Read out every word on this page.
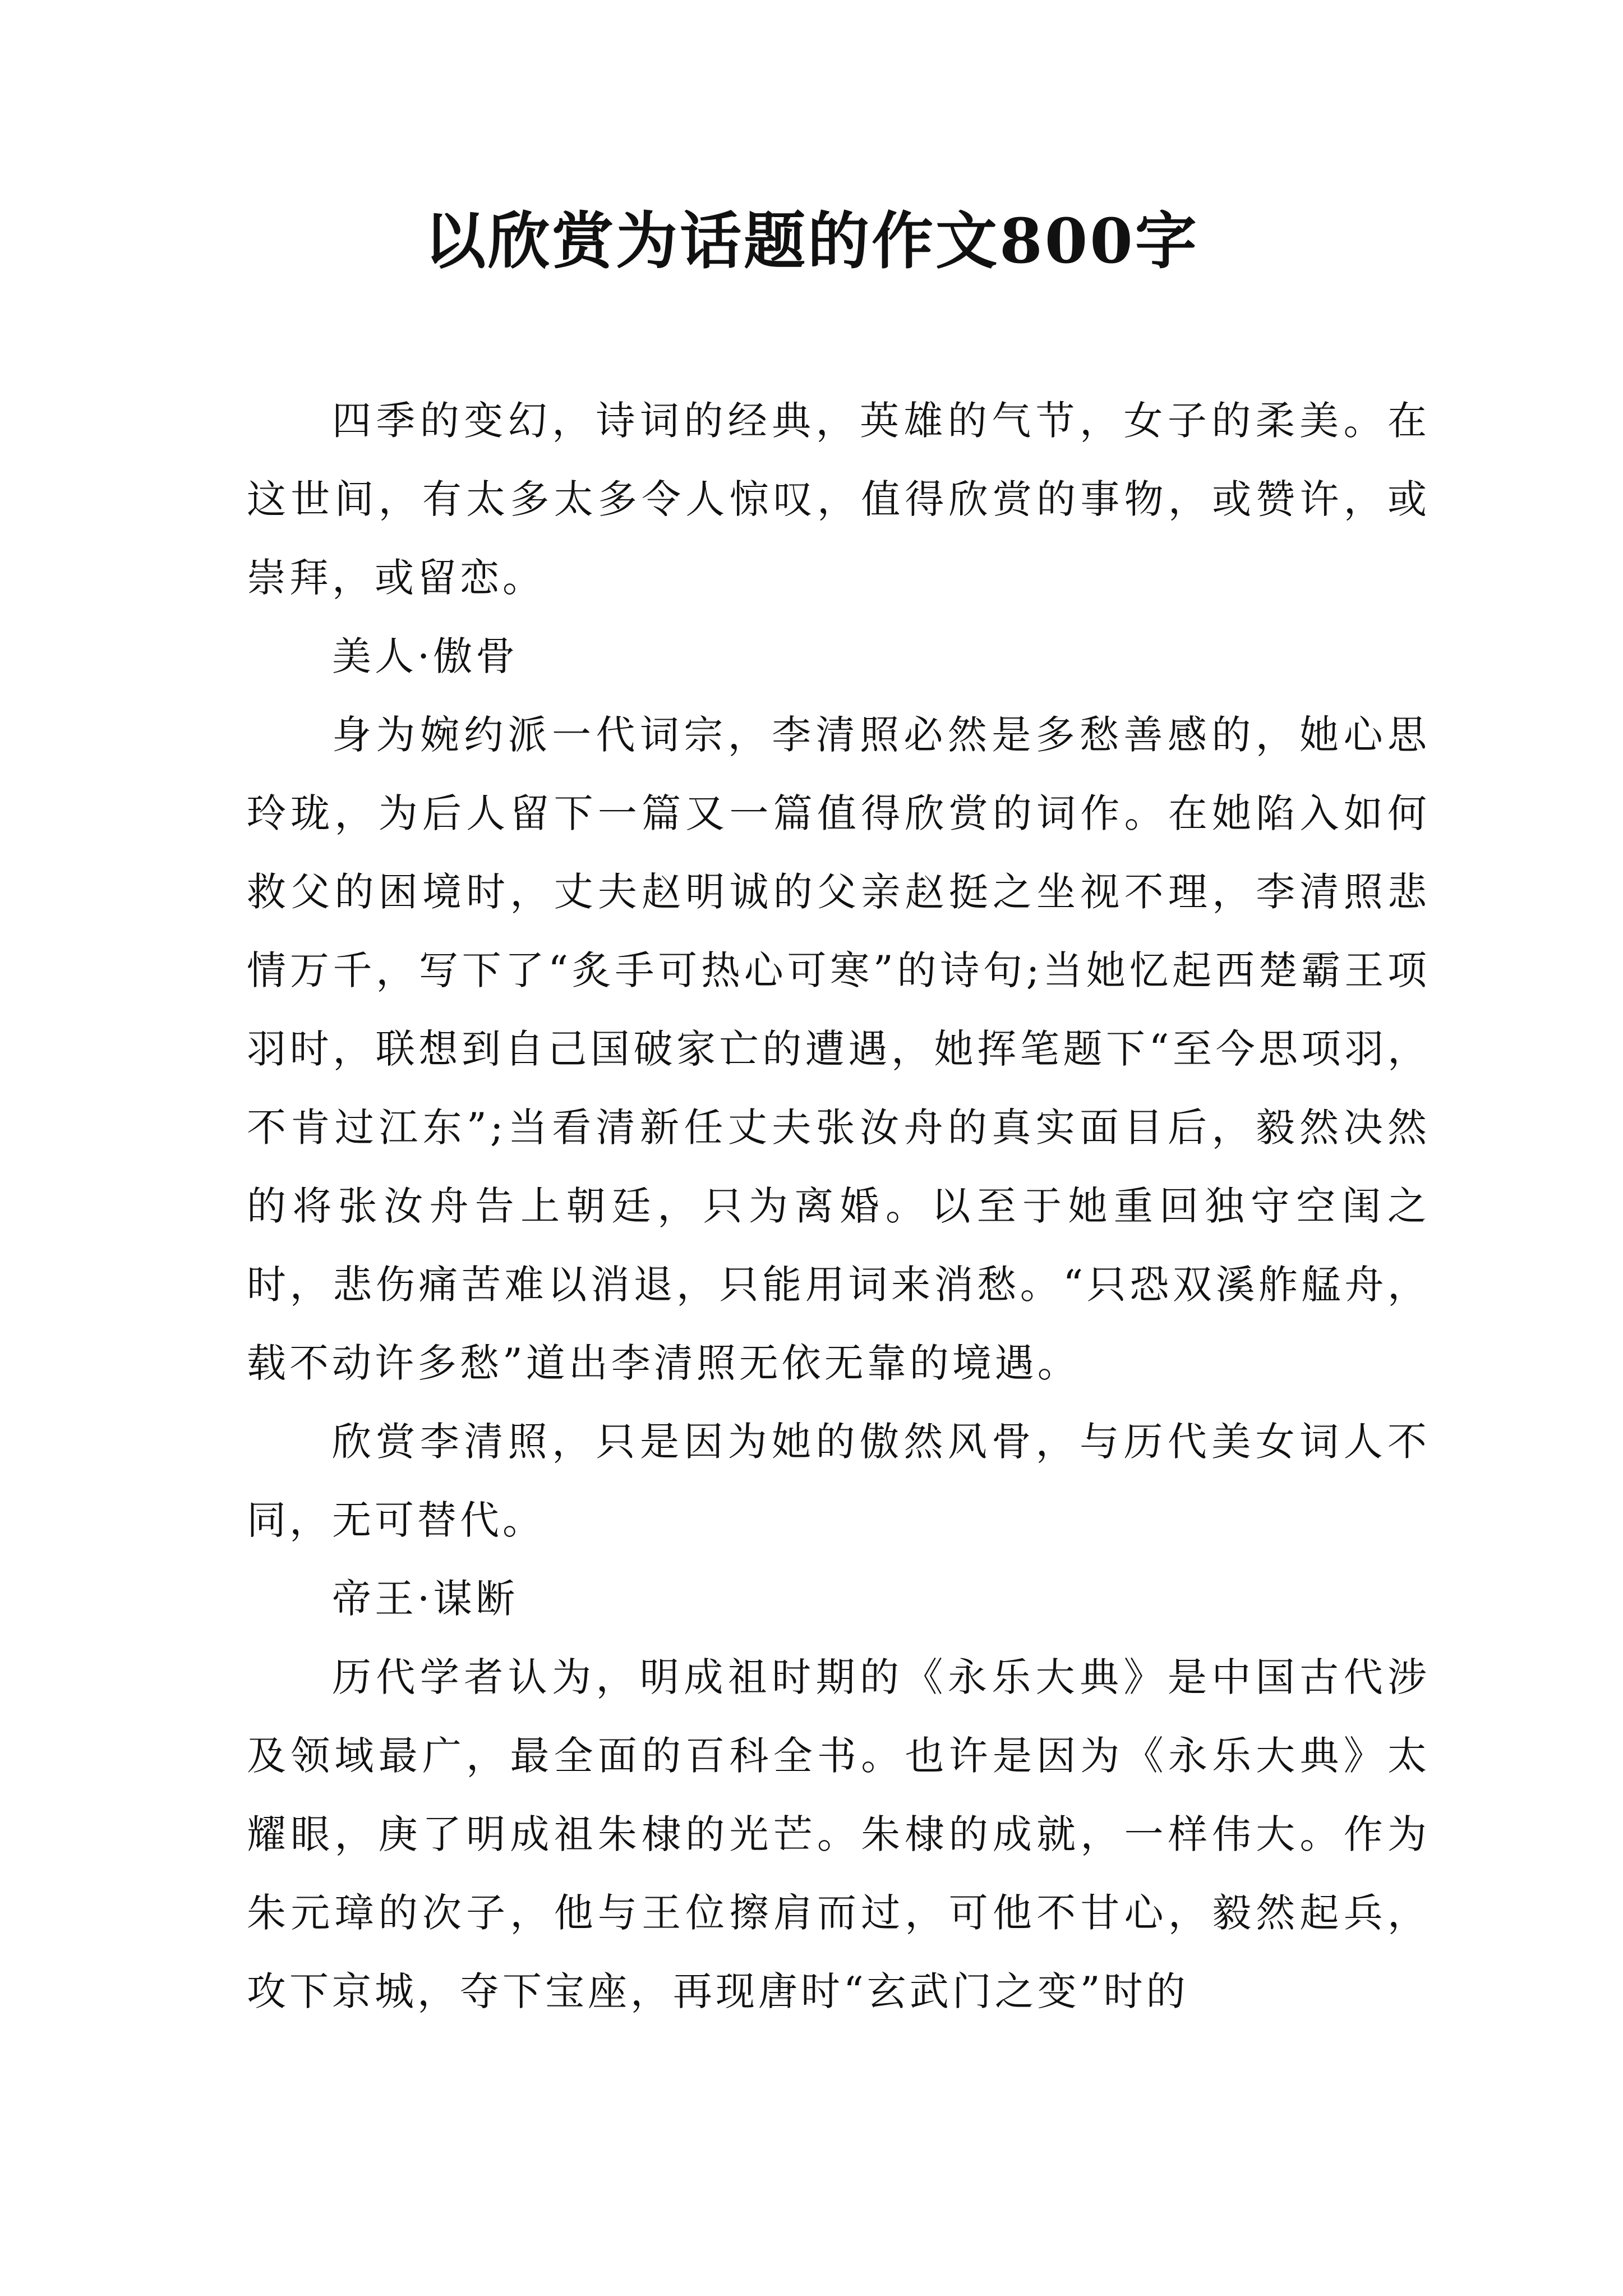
以欣赏为话题的作文800字

四季的变幻，诗词的经典，英雄的气节，女子的柔美。在这世间，有太多太多令人惊叹，值得欣赏的事物，或赞许，或崇拜，或留恋。

美人·傲骨

身为婉约派一代词宗，李清照必然是多愁善感的，她心思玲珑，为后人留下一篇又一篇值得欣赏的词作。在她陷入如何救父的困境时，丈夫赵明诚的父亲赵挺之坐视不理，李清照悲情万千，写下了“炙手可热心可寒”的诗句;当她忆起西楚霸王项羽时，联想到自己国破家亡的遭遇，她挥笔题下“至今思项羽，不肯过江东”;当看清新任丈夫张汝舟的真实面目后，毅然决然的将张汝舟告上朝廷，只为离婚。以至于她重回独守空闺之时，悲伤痛苦难以消退，只能用词来消愁。“只恐双溪舴艋舟，载不动许多愁”道出李清照无依无靠的境遇。

欣赏李清照，只是因为她的傲然风骨，与历代美女词人不同，无可替代。

帝王·谋断

历代学者认为，明成祖时期的《永乐大典》是中国古代涉及领域最广，最全面的百科全书。也许是因为《永乐大典》太耀眼，庚了明成祖朱棣的光芒。朱棣的成就，一样伟大。作为朱元璋的次子，他与王位擦肩而过，可他不甘心，毅然起兵，攻下京城，夺下宝座，再现唐时“玄武门之变”时的
